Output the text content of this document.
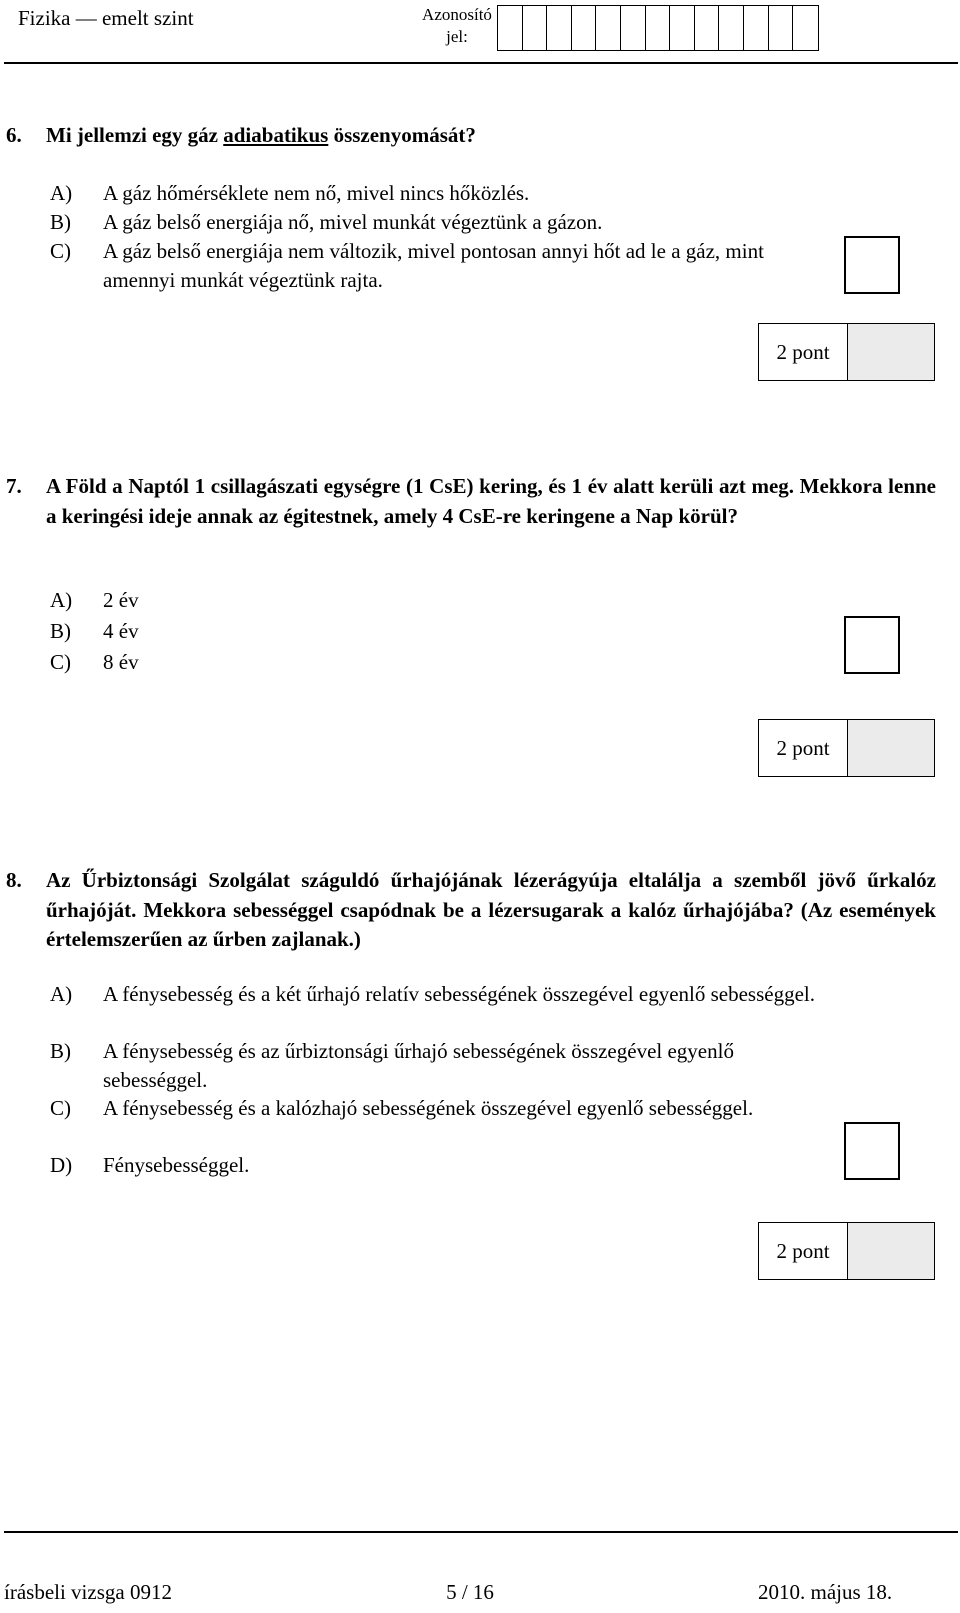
Fizika — emelt szint	Azonosító
jel:
6. Mi jellemzi egy gáz adiabatikus összenyomását?
A)	A gáz hőmérséklete nem nő, mivel nincs hőközlés.
B)	A gáz belső energiája nő, mivel munkát végeztünk a gázon.
C)	A gáz belső energiája nem változik, mivel pontosan annyi hőt ad le a gáz, mint amennyi munkát végeztünk rajta.
2 pont
7. A Föld a Naptól 1 csillagászati egységre (1 CsE) kering, és 1 év alatt kerüli azt meg. Mekkora lenne a keringési ideje annak az égitestnek, amely 4 CsE-re keringene a Nap körül?
A)	2 év
B)	4 év
C)	8 év
2 pont
8. Az Űrbiztonsági Szolgálat száguldó űrhajójának lézerágyúja eltalálja a szemből jövő űrkalóz űrhajóját. Mekkora sebességgel csapódnak be a lézersugarak a kalóz űrhajójába? (Az események értelemszerűen az űrben zajlanak.)
A)	A fénysebesség és a két űrhajó relatív sebességének összegével egyenlő sebességgel.
B)	A fénysebesség és az űrbiztonsági űrhajó sebességének összegével egyenlő sebességgel.
C)	A fénysebesség és a kalózhajó sebességének összegével egyenlő sebességgel.
D)	Fénysebességgel.
2 pont
írásbeli vizsga 0912	5 / 16	2010. május 18.
